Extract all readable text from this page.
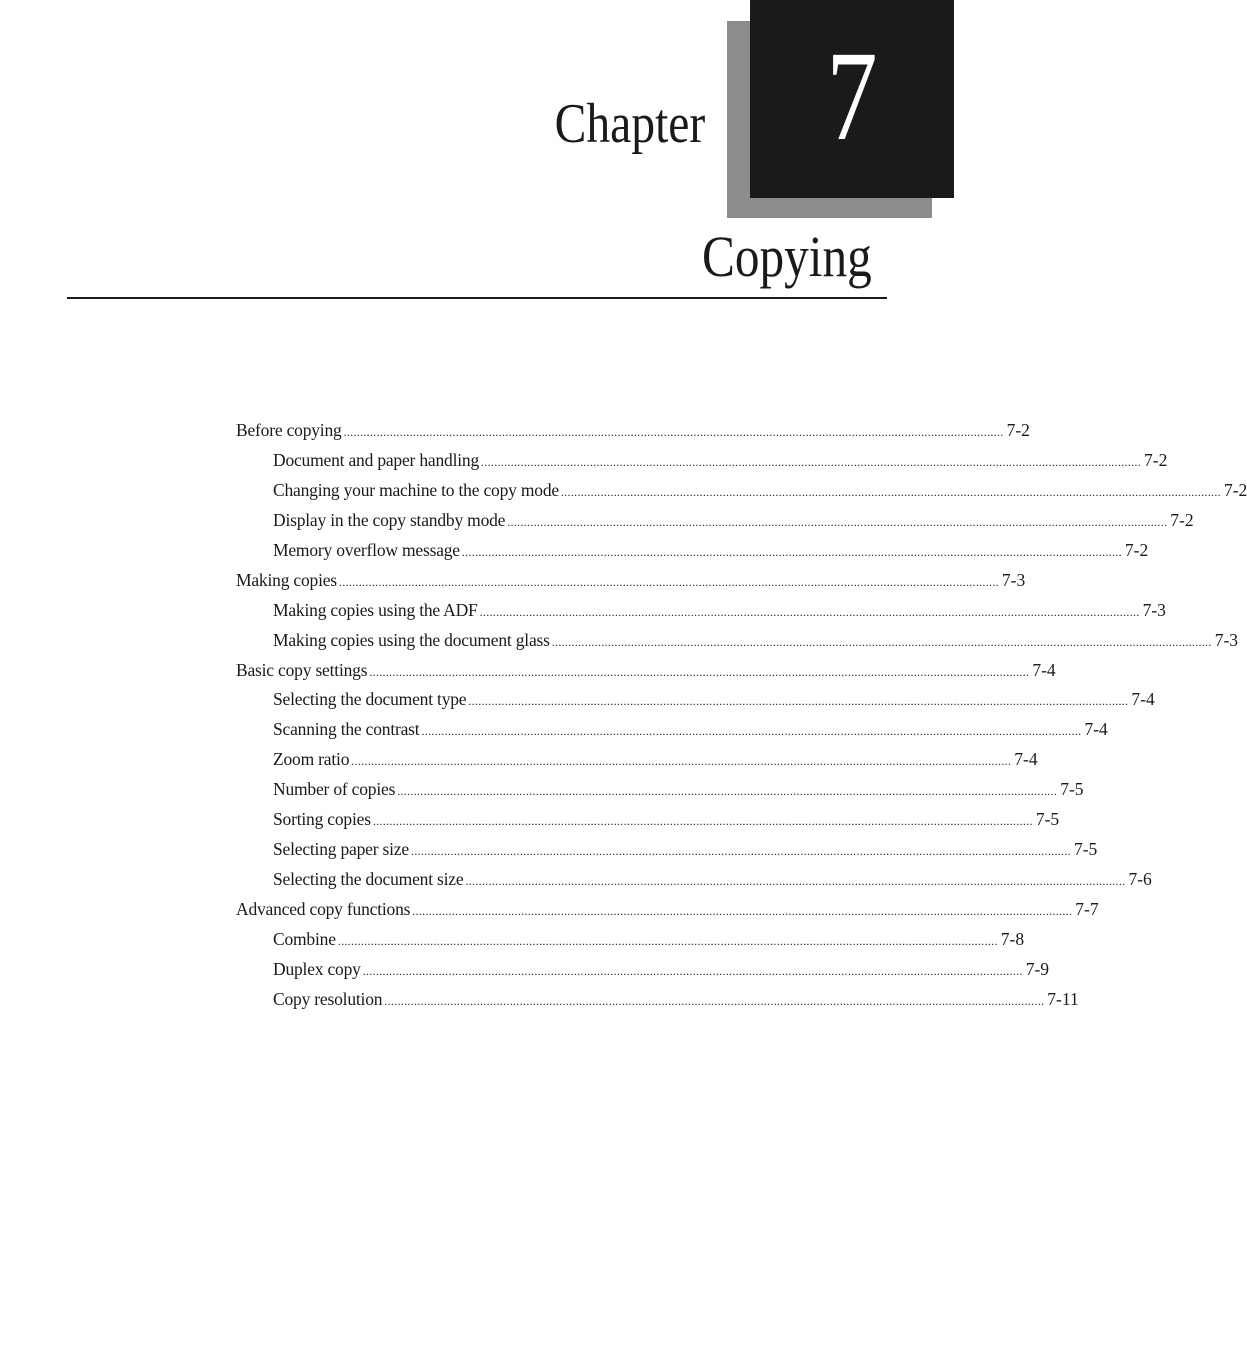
7
Chapter
Copying
Before copying ........................................................................................................................................................................................................ 7-2
Document and paper handling ........................................................................................................................................................................................................ 7-2
Changing your machine to the copy mode ........................................................................................................................................................................................................ 7-2
Display in the copy standby mode ........................................................................................................................................................................................................ 7-2
Memory overflow message ........................................................................................................................................................................................................ 7-2
Making copies ........................................................................................................................................................................................................ 7-3
Making copies using the ADF ........................................................................................................................................................................................................ 7-3
Making copies using the document glass ........................................................................................................................................................................................................ 7-3
Basic copy settings ........................................................................................................................................................................................................ 7-4
Selecting the document type ........................................................................................................................................................................................................ 7-4
Scanning the contrast ........................................................................................................................................................................................................ 7-4
Zoom ratio ........................................................................................................................................................................................................ 7-4
Number of copies ........................................................................................................................................................................................................ 7-5
Sorting copies ........................................................................................................................................................................................................ 7-5
Selecting paper size ........................................................................................................................................................................................................ 7-5
Selecting the document size ........................................................................................................................................................................................................ 7-6
Advanced copy functions ........................................................................................................................................................................................................ 7-7
Combine ........................................................................................................................................................................................................ 7-8
Duplex copy ........................................................................................................................................................................................................ 7-9
Copy resolution ........................................................................................................................................................................................................ 7-11
